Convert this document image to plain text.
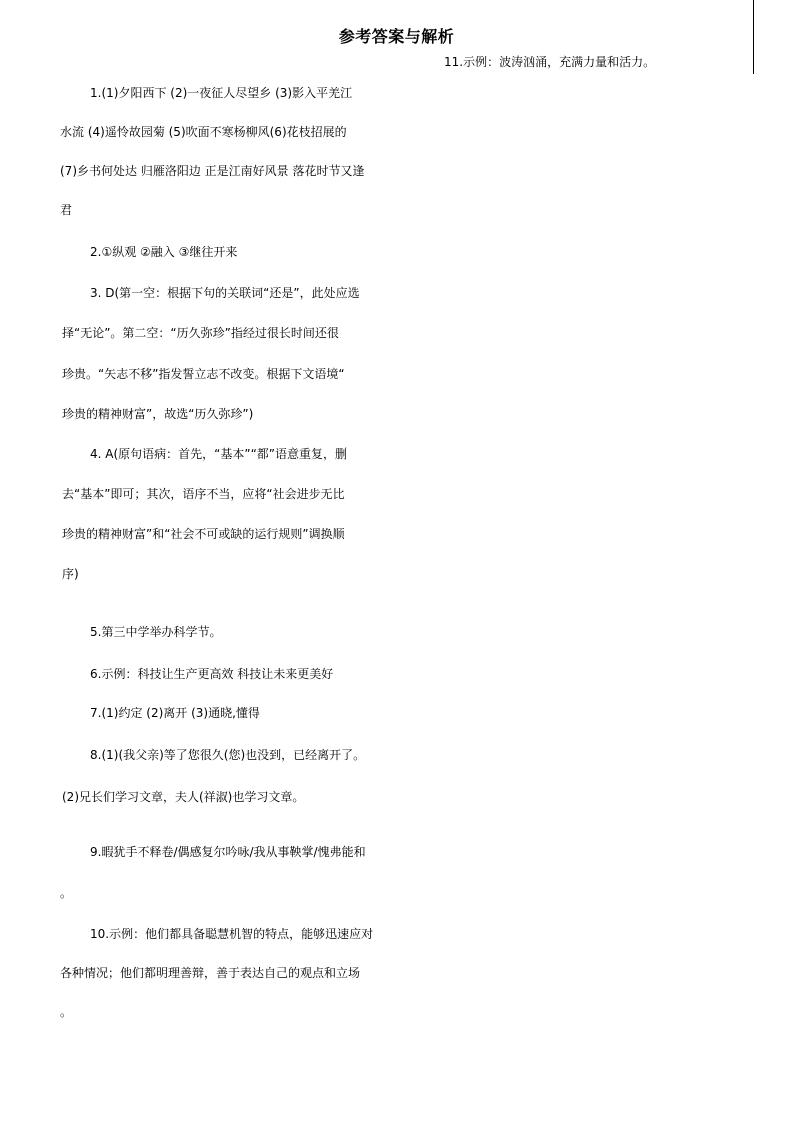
参考答案与解析
11.示例：波涛汹涌，充满力量和活力。
1.(1)夕阳西下 (2)一夜征人尽望乡 (3)影入平羌江
水流 (4)遥怜故园菊 (5)吹面不寒杨柳风(6)花枝招展的
(7)乡书何处达 归雁洛阳边 正是江南好风景 落花时节又逢
君
2.①纵观 ②融入 ③继往开来
3. D(第一空：根据下句的关联词“还是”，此处应选
择“无论”。第二空：“历久弥珍”指经过很长时间还很
珍贵。“矢志不移”指发誓立志不改变。根据下文语境“
珍贵的精神财富”，故选“历久弥珍”)
4. A(原句语病：首先，“基本”“都”语意重复，删
去“基本”即可；其次，语序不当，应将“社会进步无比
珍贵的精神财富”和“社会不可或缺的运行规则”调换顺
序)
5.第三中学举办科学节。
6.示例：科技让生产更高效 科技让未来更美好
7.(1)约定 (2)离开 (3)通晓,懂得
8.(1)(我父亲)等了您很久(您)也没到，已经离开了。
(2)兄长们学习文章，夫人(祥淑)也学习文章。
9.暇犹手不释卷/偶感复尔吟咏/我从事鞅掌/愧弗能和
。
10.示例：他们都具备聪慧机智的特点，能够迅速应对
各种情况；他们都明理善辩，善于表达自己的观点和立场
。
